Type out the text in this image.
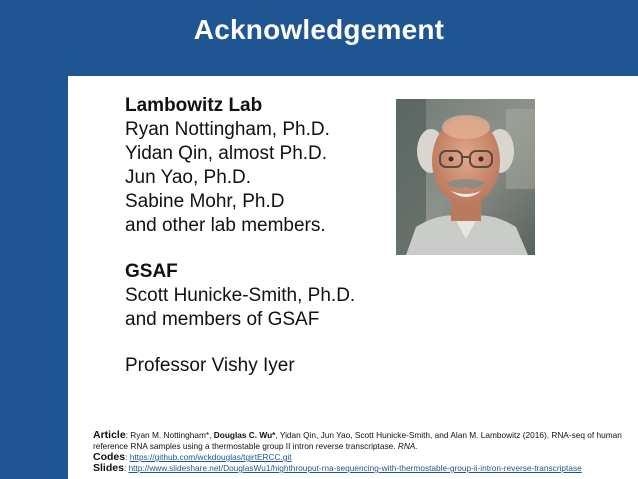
Acknowledgement
Lambowitz Lab
Ryan Nottingham, Ph.D.
Yidan Qin, almost Ph.D.
Jun Yao, Ph.D.
Sabine Mohr, Ph.D
and other lab members.
GSAF
Scott Hunicke-Smith, Ph.D.
and members of GSAF
Professor Vishy Iyer
Article: Ryan M. Nottingham*, Douglas C. Wu*, Yidan Qin, Jun Yao, Scott Hunicke-Smith, and Alan M. Lambowitz (2016). RNA-seq of human reference RNA samples using a thermostable group II intron reverse transcriptase. RNA.
Codes: https://github.com/wckdouglas/tgirtERCC.git
Slides: http://www.slideshare.net/DouglasWu1/highthrouput-rna-sequencing-with-thermostable-group-ii-intron-reverse-transcriptase
